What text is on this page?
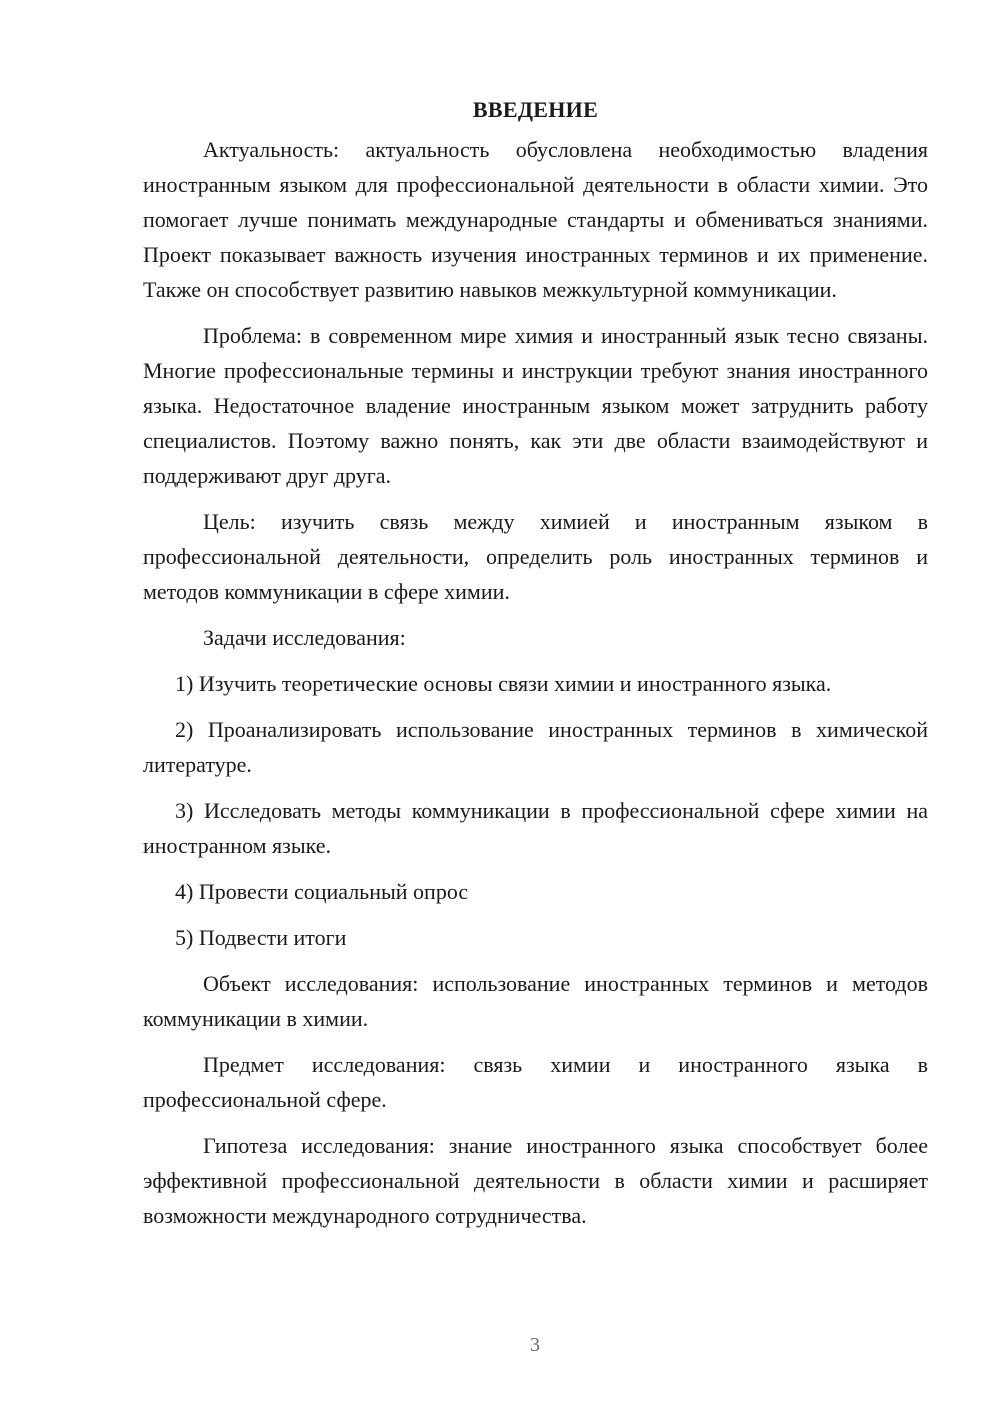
ВВЕДЕНИЕ

Актуальность: актуальность обусловлена необходимостью владения иностранным языком для профессиональной деятельности в области химии. Это помогает лучше понимать международные стандарты и обмениваться знаниями. Проект показывает важность изучения иностранных терминов и их применение. Также он способствует развитию навыков межкультурной коммуникации.

Проблема: в современном мире химия и иностранный язык тесно связаны. Многие профессиональные термины и инструкции требуют знания иностранного языка. Недостаточное владение иностранным языком может затруднить работу специалистов. Поэтому важно понять, как эти две области взаимодействуют и поддерживают друг друга.

Цель: изучить связь между химией и иностранным языком в профессиональной деятельности, определить роль иностранных терминов и методов коммуникации в сфере химии.

Задачи исследования:

1) Изучить теоретические основы связи химии и иностранного языка.

2) Проанализировать использование иностранных терминов в химической литературе.

3) Исследовать методы коммуникации в профессиональной сфере химии на иностранном языке.

4) Провести социальный опрос

5) Подвести итоги

Объект исследования: использование иностранных терминов и методов коммуникации в химии.

Предмет исследования: связь химии и иностранного языка в профессиональной сфере.

Гипотеза исследования: знание иностранного языка способствует более эффективной профессиональной деятельности в области химии и расширяет возможности международного сотрудничества.

3
